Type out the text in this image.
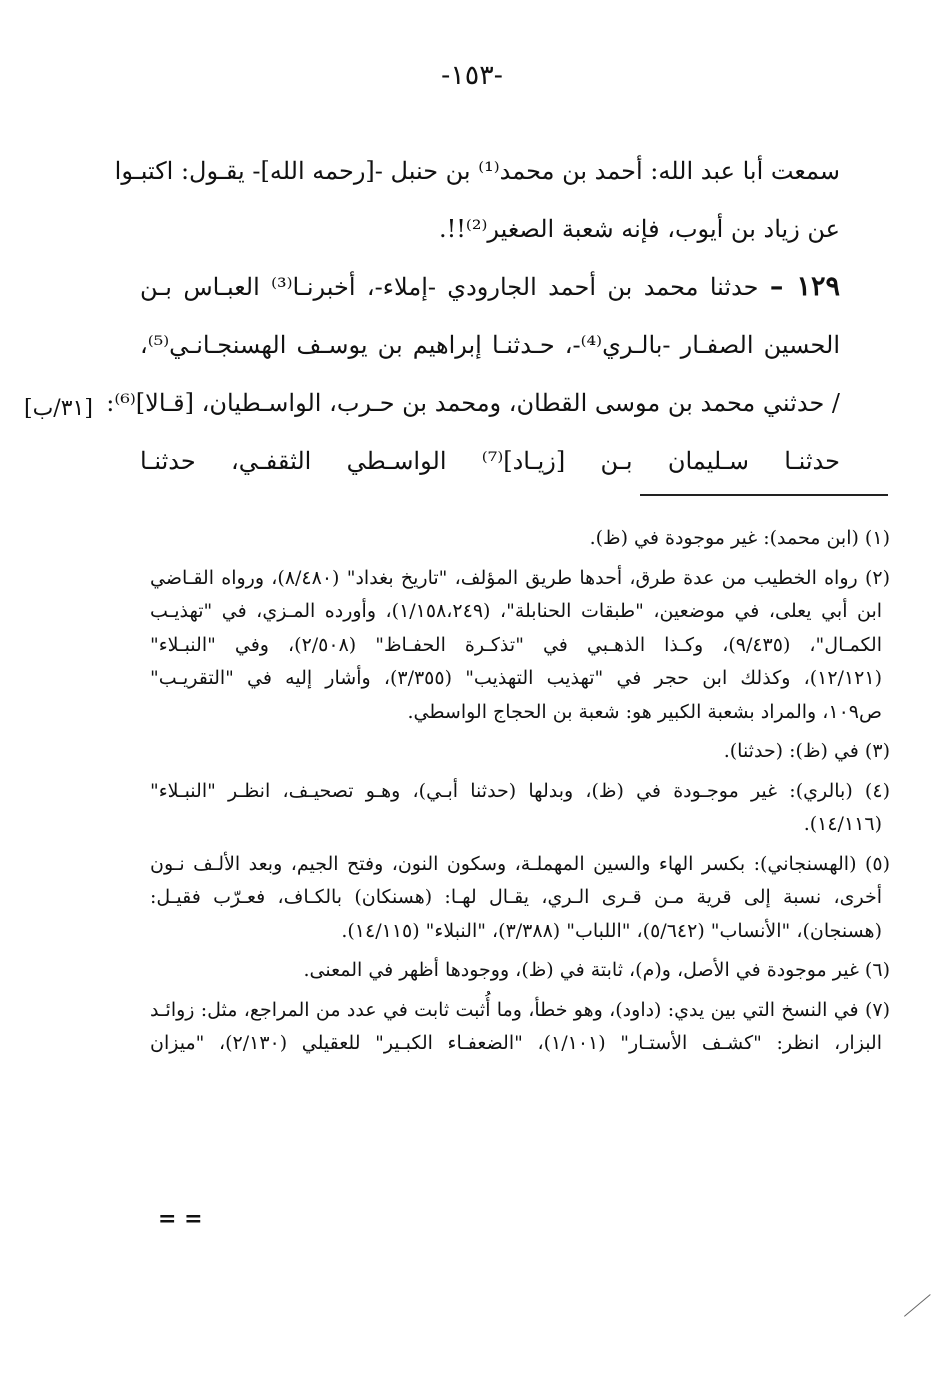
-١٥٣-
سمعت أبا عبد الله: أحمد بن محمد⁽¹⁾ بن حنبل -[رحمه الله]- يقـول: اكتبـوا
عن زياد بن أيوب، فإنه شعبة الصغير⁽²⁾!!.
١٢٩ – حدثنا محمد بن أحمد الجارودي -إملاء-، أخبرنـا⁽³⁾ العبـاس بـن
الحسين الصفـار -بالـري⁽⁴⁾-، حـدثنـا إبراهيم بن يوسـف الهسنجـانـي⁽⁵⁾،
/ حدثني محمد بن موسى القطان، ومحمد بن حـرب، الواسـطيان، [قـالا]⁽⁶⁾:
حدثنـا سـليمان بـن [زيـاد]⁽⁷⁾ الواسـطي الثقفـي، حدثنـا
[٣١/ب]
(١) (ابن محمد): غير موجودة في (ظ).
(٢) رواه الخطيب من عدة طرق، أحدها طريق المؤلف، "تاريخ بغداد" (٨/٤٨٠)، ورواه القـاضي
ابن أبي يعلى، في موضعين، "طبقات الحنابلة"، (١/١٥٨،٢٤٩)، وأورده المـزي، في "تهذيـب
الكمـال"، (٩/٤٣٥)، وكـذا الذهـبي في "تذكـرة الحفـاظ" (٢/٥٠٨)، وفي "النبـلاء"
(١٢/١٢١)، وكذلك ابن حجر في "تهذيب التهذيب" (٣/٣٥٥)، وأشار إليه في "التقريـب"
ص١٠٩، والمراد بشعبة الكبير هو: شعبة بن الحجاج الواسطي.
(٣) في (ظ): (حدثنا).
(٤) (بالري): غير موجـودة في (ظ)، وبدلها (حدثنا أبـي)، وهـو تصحيـف، انظـر "النبـلاء"
(١٤/١١٦).
(٥) (الهسنجاني): بكسر الهاء والسين المهملـة، وسكون النون، وفتح الجيم، وبعد الألـف نـون
أخرى، نسبة إلى قرية مـن قـرى الـري، يقـال لهـا: (هسنكان) بالكـاف، فعـرّب فقيـل:
(هسنجان)، "الأنساب" (٥/٦٤٢)، "اللباب" (٣/٣٨٨)، "النبلاء" (١٤/١١٥).
(٦) غير موجودة في الأصل، و(م)، ثابتة في (ظ)، ووجودها أظهر في المعنى.
(٧) في النسخ التي بين يدي: (داود)، وهو خطأ، وما أُثبت ثابت في عدد من المراجع، مثل: زوائـد
البزار، انظر: "كشـف الأستـار" (١/١٠١)، "الضعفـاء الكبـير" للعقيلي (٢/١٣٠)، "ميزان
= =
